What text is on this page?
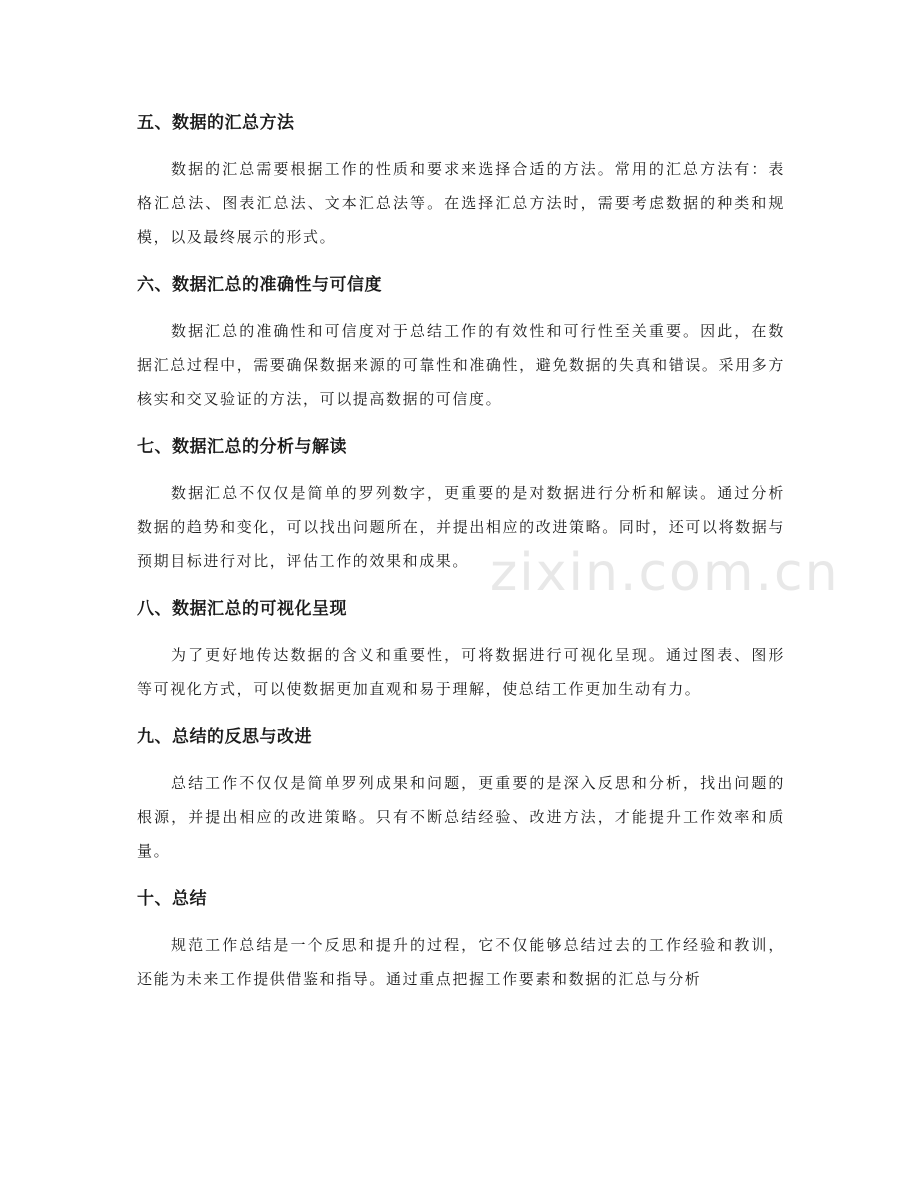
zixin.com.cn
五、数据的汇总方法

数据的汇总需要根据工作的性质和要求来选择合适的方法。常用的汇总方法有：表格汇总法、图表汇总法、文本汇总法等。在选择汇总方法时，需要考虑数据的种类和规模，以及最终展示的形式。

六、数据汇总的准确性与可信度

数据汇总的准确性和可信度对于总结工作的有效性和可行性至关重要。因此，在数据汇总过程中，需要确保数据来源的可靠性和准确性，避免数据的失真和错误。采用多方核实和交叉验证的方法，可以提高数据的可信度。

七、数据汇总的分析与解读

数据汇总不仅仅是简单的罗列数字，更重要的是对数据进行分析和解读。通过分析数据的趋势和变化，可以找出问题所在，并提出相应的改进策略。同时，还可以将数据与预期目标进行对比，评估工作的效果和成果。

八、数据汇总的可视化呈现

为了更好地传达数据的含义和重要性，可将数据进行可视化呈现。通过图表、图形等可视化方式，可以使数据更加直观和易于理解，使总结工作更加生动有力。

九、总结的反思与改进

总结工作不仅仅是简单罗列成果和问题，更重要的是深入反思和分析，找出问题的根源，并提出相应的改进策略。只有不断总结经验、改进方法，才能提升工作效率和质量。

十、总结

规范工作总结是一个反思和提升的过程，它不仅能够总结过去的工作经验和教训，还能为未来工作提供借鉴和指导。通过重点把握工作要素和数据的汇总与分析
